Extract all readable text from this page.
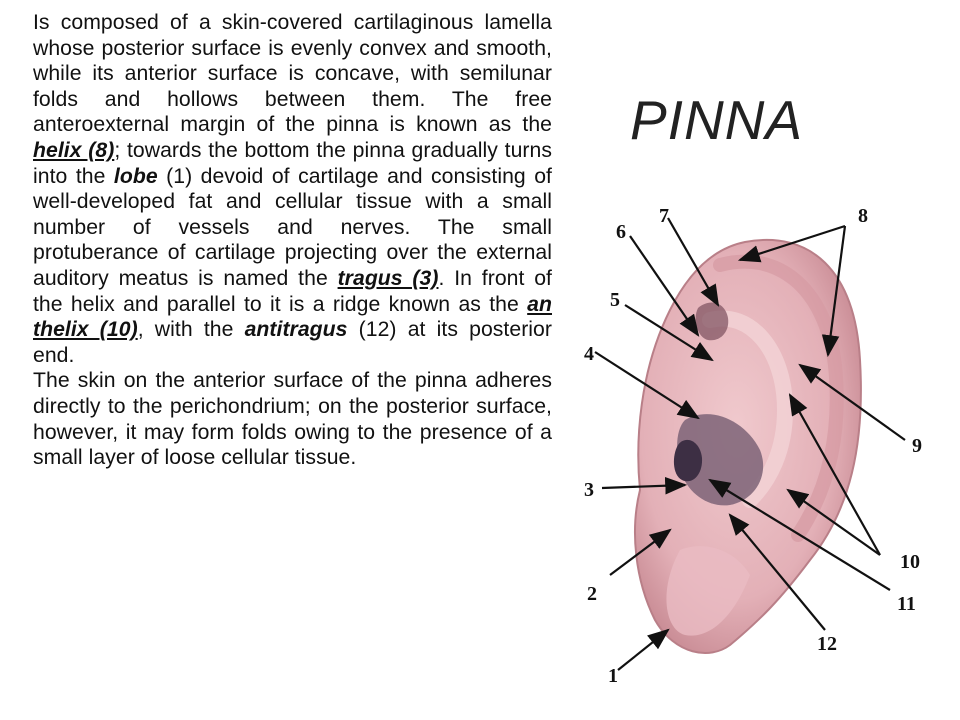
Is composed of a skin-covered cartilaginous lamella whose posterior surface is evenly convex and smooth, while its anterior surface is concave, with semilunar folds and hollows between them. The free anteroexternal margin of the pinna is known as the helix (8); towards the bottom the pinna gradually turns into the lobe (1) devoid of cartilage and consisting of well-developed fat and cellular tissue with a small number of vessels and nerves. The small protuberance of cartilage projecting over the external auditory meatus is named the tragus (3). In front of the helix and parallel to it is a ridge known as the an thelix (10), with the antitragus (12) at its posterior end.

The skin on the anterior surface of the pinna adheres directly to the perichondrium; on the posterior surface, however, it may form folds owing to the presence of a small layer of loose cellular tissue.

PINNA
1
2
3
4
5
6
7	8
9
10
11
12
